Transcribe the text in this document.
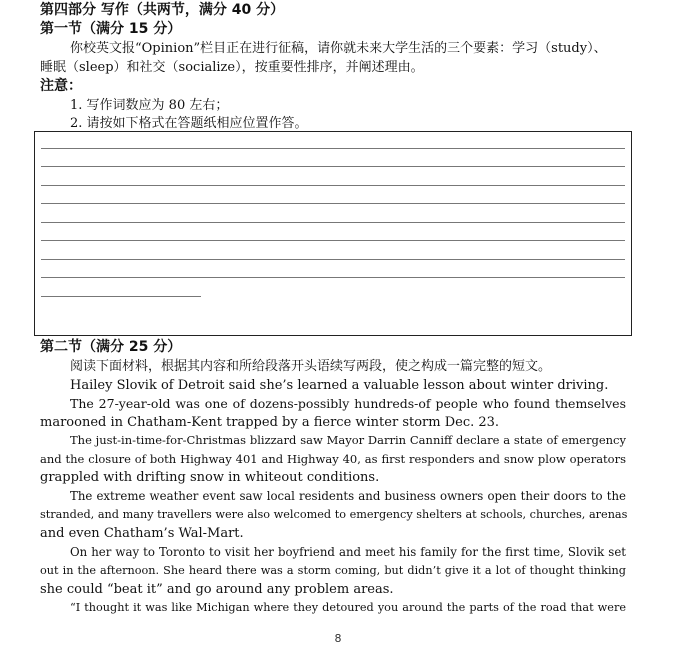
第四部分 写作（共两节，满分 40 分）
第一节（满分 15 分）
你校英文报“Opinion”栏目正在进行征稿，请你就未来大学生活的三个要素：学习（study）、
睡眠（sleep）和社交（socialize），按重要性排序，并阐述理由。
注意：
1. 写作词数应为 80 左右；
2. 请按如下格式在答题纸相应位置作答。
第二节（满分 25 分）
阅读下面材料，根据其内容和所给段落开头语续写两段，使之构成一篇完整的短文。
Hailey Slovik of Detroit said she’s learned a valuable lesson about winter driving.
The 27-year-old was one of dozens-possibly hundreds-of people who found themselves
marooned in Chatham-Kent trapped by a fierce winter storm Dec. 23.
The just-in-time-for-Christmas blizzard saw Mayor Darrin Canniff declare a state of emergency
and the closure of both Highway 401 and Highway 40, as first responders and snow plow operators
grappled with drifting snow in whiteout conditions.
The extreme weather event saw local residents and business owners open their doors to the
stranded, and many travellers were also welcomed to emergency shelters at schools, churches, arenas
and even Chatham’s Wal-Mart.
On her way to Toronto to visit her boyfriend and meet his family for the first time, Slovik set
out in the afternoon. She heard there was a storm coming, but didn’t give it a lot of thought thinking
she could “beat it” and go around any problem areas.
“I thought it was like Michigan where they detoured you around the parts of the road that were
8
